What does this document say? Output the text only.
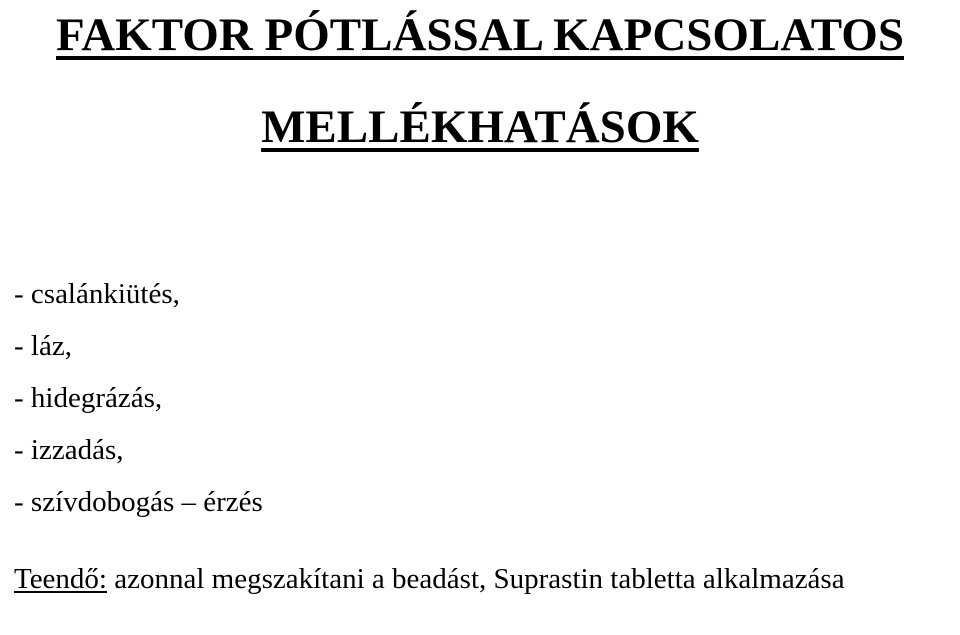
FAKTOR PÓTLÁSSAL KAPCSOLATOS
MELLÉKHATÁSOK
- csalánkiütés,
- láz,
- hidegrázás,
- izzadás,
- szívdobogás – érzés

Teendő: azonnal megszakítani a beadást, Suprastin tabletta alkalmazása
